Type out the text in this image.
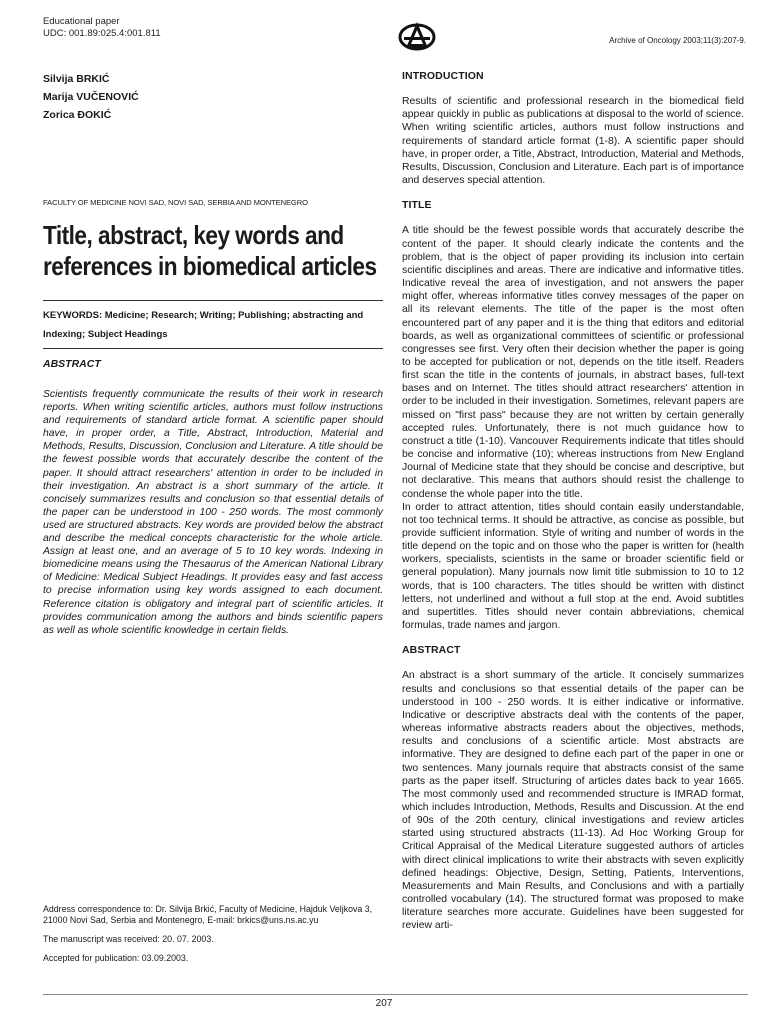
Educational paper
UDC: 001.89:025.4:001.811
Archive of Oncology 2003;11(3):207-9.
Silvija BRKIĆ
Marija VUČENOVIĆ
Zorica ĐOKIĆ
FACULTY OF MEDICINE NOVI SAD, NOVI SAD, SERBIA AND MONTENEGRO
Title, abstract, key words and
references in biomedical articles
KEYWORDS: Medicine; Research; Writing; Publishing; abstracting and Indexing; Subject Headings
ABSTRACT
Scientists frequently communicate the results of their work in research reports. When writing scientific articles, authors must follow instructions and requirements of standard article format. A scientific paper should have, in proper order, a Title, Abstract, Introduction, Material and Methods, Results, Discussion, Conclusion and Literature. A title should be the fewest possible words that accurately describe the content of the paper. It should attract researchers' attention in order to be included in their investigation. An abstract is a short summary of the article. It concisely summarizes results and conclusion so that essential details of the paper can be understood in 100 - 250 words. The most commonly used are structured abstracts. Key words are provided below the abstract and describe the medical concepts characteristic for the whole article. Assign at least one, and an average of 5 to 10 key words. Indexing in biomedicine means using the Thesaurus of the American National Library of Medicine: Medical Subject Headings. It provides easy and fast access to precise information using key words assigned to each document. Reference citation is obligatory and integral part of scientific articles. It provides communication among the authors and binds scientific papers as well as whole scientific knowledge in certain fields.

Address correspondence to: Dr. Silvija Brkić, Faculty of Medicine, Hajduk Veljkova 3, 21000 Novi Sad, Serbia and Montenegro, E-mail: brkics@uns.ns.ac.yu

The manuscript was received: 20. 07. 2003.

Accepted for publication: 03.09.2003.

INTRODUCTION

Results of scientific and professional research in the biomedical field appear quickly in public as publications at disposal to the world of science. When writing scientific articles, authors must follow instructions and requirements of standard article format (1-8). A scientific paper should have, in proper order, a Title, Abstract, Introduction, Material and Methods, Results, Discussion, Conclusion and Literature. Each part is of importance and deserves special attention.

TITLE

A title should be the fewest possible words that accurately describe the content of the paper. It should clearly indicate the contents and the problem, that is the object of paper providing its inclusion into certain scientific disciplines and areas. There are indicative and informative titles. Indicative reveal the area of investigation, and not answers the paper might offer, whereas informative titles convey messages of the paper on all its relevant elements. The title of the paper is the most often encountered part of any paper and it is the thing that editors and editorial boards, as well as organizational committees of scientific or professional congresses see first. Very often their decision whether the paper is going to be accepted for publication or not, depends on the title itself. Readers first scan the title in the contents of journals, in abstract bases, full-text bases and on Internet. The titles should attract researchers' attention in order to be included in their investigation. Sometimes, relevant papers are missed on "first pass" because they are not written by certain generally accepted rules. Unfortunately, there is not much guidance how to construct a title (1-10). Vancouver Requirements indicate that titles should be concise and informative (10); whereas instructions from New England Journal of Medicine state that they should be concise and descriptive, but not declarative. This means that authors should resist the challenge to condense the whole paper into the title.

In order to attract attention, titles should contain easily understandable, not too technical terms. It should be attractive, as concise as possible, but provide sufficient information. Style of writing and number of words in the title depend on the topic and on those who the paper is written for (health workers, specialists, scientists in the same or broader scientific field or general population). Many journals now limit title submission to 10 to 12 words, that is 100 characters. The titles should be written with distinct letters, not underlined and without a full stop at the end. Avoid subtitles and supertitles. Titles should never contain abbreviations, chemical formulas, trade names and jargon.

ABSTRACT

An abstract is a short summary of the article. It concisely summarizes results and conclusions so that essential details of the paper can be understood in 100 - 250 words. It is either indicative or informative. Indicative or descriptive abstracts deal with the contents of the paper, whereas informative abstracts readers about the objectives, methods, results and conclusions of a scientific article. Most abstracts are informative. They are designed to define each part of the paper in one or two sentences. Many journals require that abstracts consist of the same parts as the paper itself. Structuring of articles dates back to year 1665. The most commonly used and recommended structure is IMRAD format, which includes Introduction, Methods, Results and Discussion. At the end of 90s of the 20th century, clinical investigations and review articles started using structured abstracts (11-13). Ad Hoc Working Group for Critical Appraisal of the Medical Literature suggested authors of articles with direct clinical implications to write their abstracts with seven explicitly defined headings: Objective, Design, Setting, Patients, Interventions, Measurements and Main Results, and Conclusions and with a partially controlled vocabulary (14). The structured format was proposed to make literature searches more accurate. Guidelines have been suggested for review arti-

207
